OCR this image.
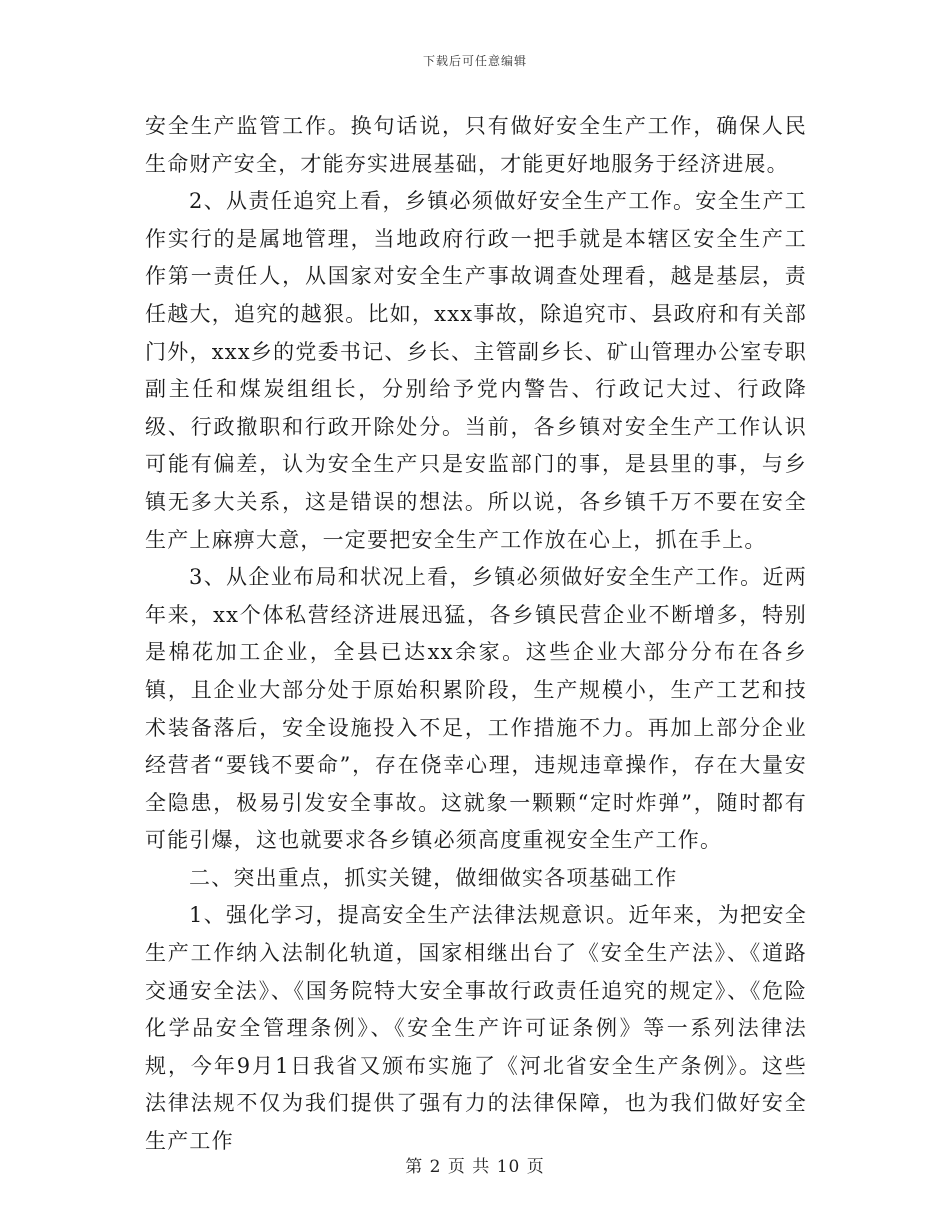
下载后可任意编辑

安全生产监管工作。换句话说，只有做好安全生产工作，确保人民生命财产安全，才能夯实进展基础，才能更好地服务于经济进展。

2、从责任追究上看，乡镇必须做好安全生产工作。安全生产工作实行的是属地管理，当地政府行政一把手就是本辖区安全生产工作第一责任人，从国家对安全生产事故调查处理看，越是基层，责任越大，追究的越狠。比如，xxx事故，除追究市、县政府和有关部门外，xxx乡的党委书记、乡长、主管副乡长、矿山管理办公室专职副主任和煤炭组组长，分别给予党内警告、行政记大过、行政降级、行政撤职和行政开除处分。当前，各乡镇对安全生产工作认识可能有偏差，认为安全生产只是安监部门的事，是县里的事，与乡镇无多大关系，这是错误的想法。所以说，各乡镇千万不要在安全生产上麻痹大意，一定要把安全生产工作放在心上，抓在手上。

3、从企业布局和状况上看，乡镇必须做好安全生产工作。近两年来，xx个体私营经济进展迅猛，各乡镇民营企业不断增多，特别是棉花加工企业，全县已达xx余家。这些企业大部分分布在各乡镇，且企业大部分处于原始积累阶段，生产规模小，生产工艺和技术装备落后，安全设施投入不足，工作措施不力。再加上部分企业经营者“要钱不要命”，存在侥幸心理，违规违章操作，存在大量安全隐患，极易引发安全事故。这就象一颗颗“定时炸弹”，随时都有可能引爆，这也就要求各乡镇必须高度重视安全生产工作。

二、突出重点，抓实关键，做细做实各项基础工作

1、强化学习，提高安全生产法律法规意识。近年来，为把安全生产工作纳入法制化轨道，国家相继出台了《安全生产法》、《道路交通安全法》、《国务院特大安全事故行政责任追究的规定》、《危险化学品安全管理条例》、《安全生产许可证条例》等一系列法律法规，今年9月1日我省又颁布实施了《河北省安全生产条例》。这些法律法规不仅为我们提供了强有力的法律保障，也为我们做好安全生产工作

第 2 页 共 10 页
